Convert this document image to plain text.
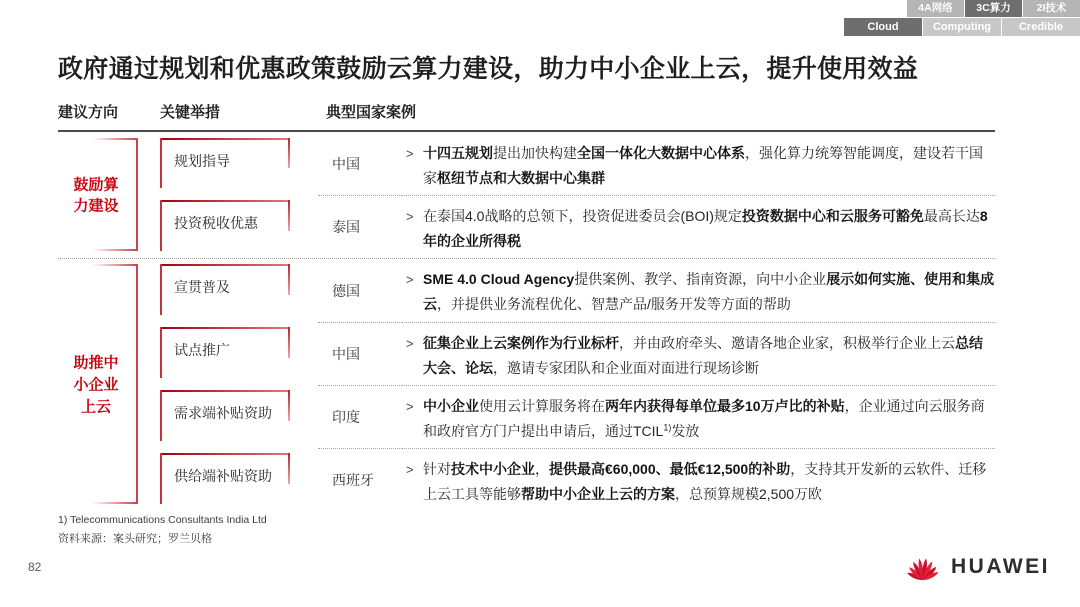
4A网络	3C算力	2I技术
Cloud	Computing	Credible
政府通过规划和优惠政策鼓励云算力建设，助力中小企业上云，提升使用效益
建议方向	关键举措	典型国家案例
鼓励算
力建设
规划指导	中国
> 十四五规划提出加快构建全国一体化大数据中心体系，强化算力统筹智能调度，建设若干国家枢纽节点和大数据中心集群

投资税收优惠	泰国
> 在泰国4.0战略的总领下，投资促进委员会(BOI)规定投资数据中心和云服务可豁免最高长达8年的企业所得税

助推中
小企业
上云
宣贯普及	德国
> SME 4.0 Cloud Agency提供案例、教学、指南资源，向中小企业展示如何实施、使用和集成云，并提供业务流程优化、智慧产品/服务开发等方面的帮助

试点推广	中国
> 征集企业上云案例作为行业标杆，并由政府牵头、邀请各地企业家，积极举行企业上云总结大会、论坛，邀请专家团队和企业面对面进行现场诊断

需求端补贴资助	印度
> 中小企业使用云计算服务将在两年内获得每单位最多10万卢比的补贴，企业通过向云服务商和政府官方门户提出申请后，通过TCIL$^{1)}$发放

供给端补贴资助	西班牙
> 针对技术中小企业，提供最高€60,000、最低€12,500的补助，支持其开发新的云软件、迁移上云工具等能够帮助中小企业上云的方案，总预算规模2,500万欧

1) Telecommunications Consultants India Ltd
资料来源：案头研究；罗兰贝格
82	HUAWEI
